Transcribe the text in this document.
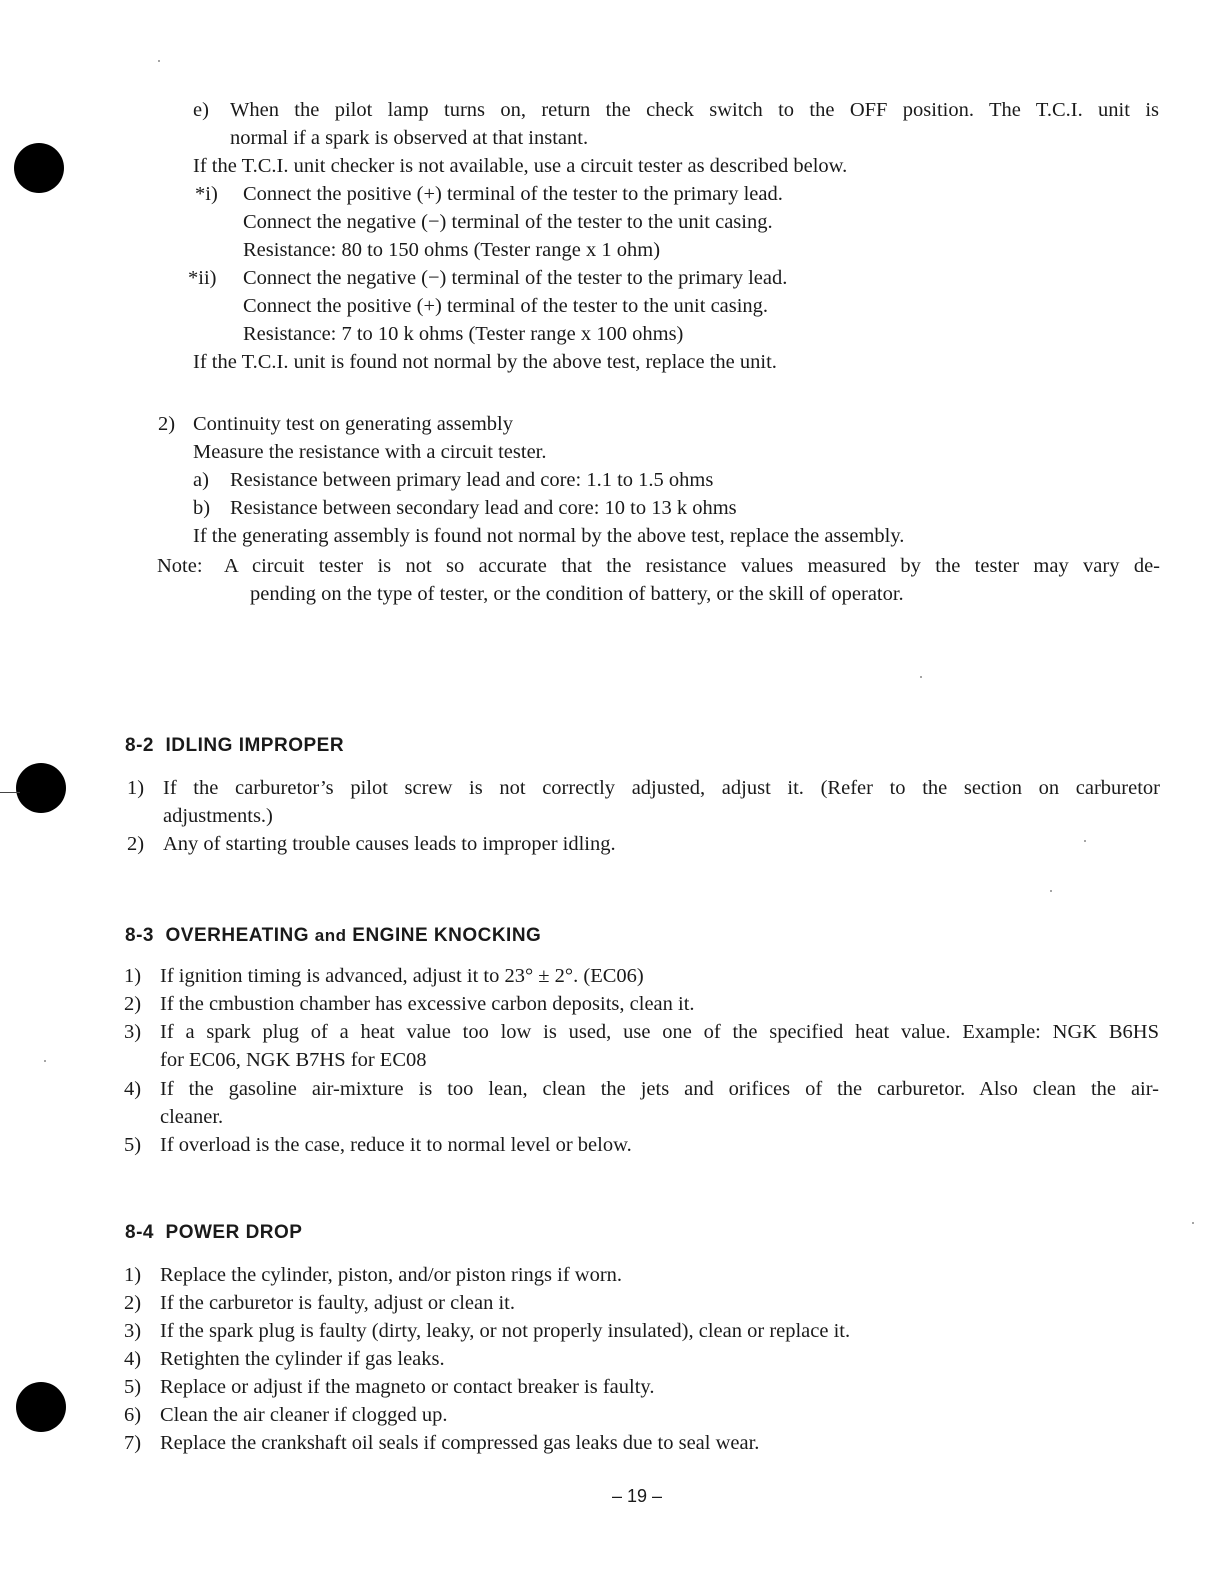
e) When the pilot lamp turns on, return the check switch to the OFF position. The T.C.I. unit is
normal if a spark is observed at that instant.
If the T.C.I. unit checker is not available, use a circuit tester as described below.
*i) Connect the positive (+) terminal of the tester to the primary lead.
Connect the negative (−) terminal of the tester to the unit casing.
Resistance: 80 to 150 ohms (Tester range x 1 ohm)
*ii) Connect the negative (−) terminal of the tester to the primary lead.
Connect the positive (+) terminal of the tester to the unit casing.
Resistance: 7 to 10 k ohms (Tester range x 100 ohms)
If the T.C.I. unit is found not normal by the above test, replace the unit.
2) Continuity test on generating assembly
Measure the resistance with a circuit tester.
a) Resistance between primary lead and core: 1.1 to 1.5 ohms
b) Resistance between secondary lead and core: 10 to 13 k ohms
If the generating assembly is found not normal by the above test, replace the assembly.
Note: A circuit tester is not so accurate that the resistance values measured by the tester may vary de-
pending on the type of tester, or the condition of battery, or the skill of operator.
8-2 IDLING IMPROPER
1) If the carburetor’s pilot screw is not correctly adjusted, adjust it. (Refer to the section on carburetor
adjustments.)
2) Any of starting trouble causes leads to improper idling.
8-3 OVERHEATING and ENGINE KNOCKING
1) If ignition timing is advanced, adjust it to 23° ± 2°. (EC06)
2) If the cmbustion chamber has excessive carbon deposits, clean it.
3) If a spark plug of a heat value too low is used, use one of the specified heat value. Example: NGK B6HS
for EC06, NGK B7HS for EC08
4) If the gasoline air-mixture is too lean, clean the jets and orifices of the carburetor. Also clean the air-
cleaner.
5) If overload is the case, reduce it to normal level or below.
8-4 POWER DROP
1) Replace the cylinder, piston, and/or piston rings if worn.
2) If the carburetor is faulty, adjust or clean it.
3) If the spark plug is faulty (dirty, leaky, or not properly insulated), clean or replace it.
4) Retighten the cylinder if gas leaks.
5) Replace or adjust if the magneto or contact breaker is faulty.
6) Clean the air cleaner if clogged up.
7) Replace the crankshaft oil seals if compressed gas leaks due to seal wear.
– 19 –
